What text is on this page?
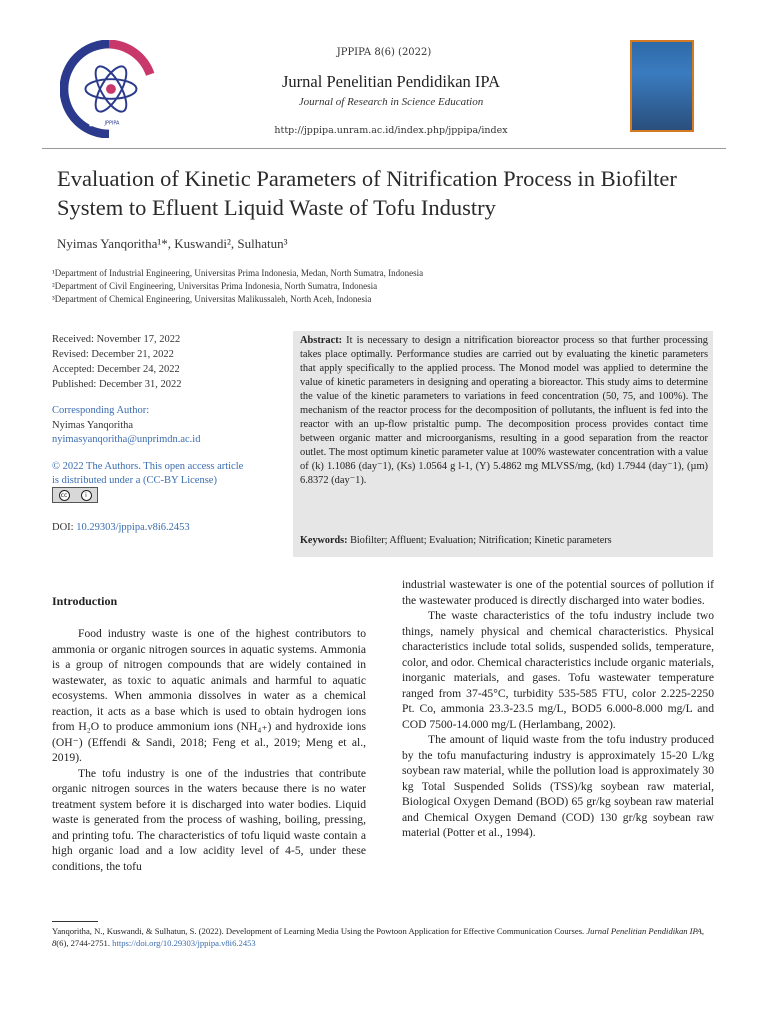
JPPIPA
JPPIPA 8(6) (2022)
Jurnal Penelitian Pendidikan IPA
Journal of Research in Science Education
http://jppipa.unram.ac.id/index.php/jppipa/index
Evaluation of Kinetic Parameters of Nitrification Process in Biofilter System to Efluent Liquid Waste of Tofu Industry
Nyimas Yanqoritha¹*, Kuswandi², Sulhatun³
¹Department of Industrial Engineering, Universitas Prima Indonesia, Medan, North Sumatra, Indonesia
²Department of Civil Engineering, Universitas Prima Indonesia, North Sumatra, Indonesia
³Department of Chemical Engineering, Universitas Malikussaleh, North Aceh, Indonesia
Received: November 17, 2022
Revised: December 21, 2022
Accepted: December 24, 2022
Published: December 31, 2022
Corresponding Author:
Nyimas Yanqoritha
nyimasyanqoritha@unprimdn.ac.id
© 2022 The Authors. This open access article
is distributed under a (CC-BY License)
cc	i
DOI: 10.29303/jppipa.v8i6.2453
Abstract: It is necessary to design a nitrification bioreactor process so that further processing takes place optimally. Performance studies are carried out by evaluating the kinetic parameters that apply specifically to the applied process. The Monod model was applied to determine the value of kinetic parameters in designing and operating a bioreactor. This study aims to determine the value of the kinetic parameters to variations in feed concentration (50, 75, and 100%). The mechanism of the reactor process for the decomposition of pollutants, the influent is fed into the reactor with an up-flow pristaltic pump. The decomposition process provides contact time between organic matter and microorganisms, resulting in a good separation from the reactor outlet. The most optimum kinetic parameter value at 100% wastewater concentration with a value of (k) 1.1086 (day⁻1), (Ks) 1.0564 g l-1, (Y) 5.4862 mg MLVSS/mg, (kd) 1.7944 (day⁻1), (µm) 6.8372 (day⁻1).
Keywords: Biofilter; Affluent; Evaluation; Nitrification; Kinetic parameters
Introduction

Food industry waste is one of the highest contributors to ammonia or organic nitrogen sources in aquatic systems. Ammonia is a group of nitrogen compounds that are widely contained in wastewater, as toxic to aquatic animals and harmful to aquatic ecosystems. When ammonia dissolves in water as a chemical reaction, it acts as a base which is used to obtain hydrogen ions from H₂O to produce ammonium ions (NH₄₊) and hydroxide ions (OH⁻) (Effendi & Sandi, 2018; Feng et al., 2019; Meng et al., 2019).

The tofu industry is one of the industries that contribute organic nitrogen sources in the waters because there is no water treatment system before it is discharged into water bodies. Liquid waste is generated from the process of washing, boiling, pressing, and printing tofu. The characteristics of tofu liquid waste contain a high organic load and a low acidity level of 4-5, under these conditions, the tofu

industrial wastewater is one of the potential sources of pollution if the wastewater produced is directly discharged into water bodies.

The waste characteristics of the tofu industry include two things, namely physical and chemical characteristics. Physical characteristics include total solids, suspended solids, temperature, color, and odor. Chemical characteristics include organic materials, inorganic materials, and gases. Tofu wastewater temperature ranged from 37-45°C, turbidity 535-585 FTU, color 2.225-2250 Pt. Co, ammonia 23.3-23.5 mg/L, BOD5 6.000-8.000 mg/L and COD 7500-14.000 mg/L (Herlambang, 2002).

The amount of liquid waste from the tofu industry produced by the tofu manufacturing industry is approximately 15-20 L/kg soybean raw material, while the pollution load is approximately 30 kg Total Suspended Solids (TSS)/kg soybean raw material, Biological Oxygen Demand (BOD) 65 gr/kg soybean raw material and Chemical Oxygen Demand (COD) 130 gr/kg soybean raw material (Potter et al., 1994).

Yanqoritha, N., Kuswandi, & Sulhatun, S. (2022). Development of Learning Media Using the Powtoon Application for Effective Communication Courses. Jurnal Penelitian Pendidikan IPA, 8(6), 2744-2751. https://doi.org/10.29303/jppipa.v8i6.2453
